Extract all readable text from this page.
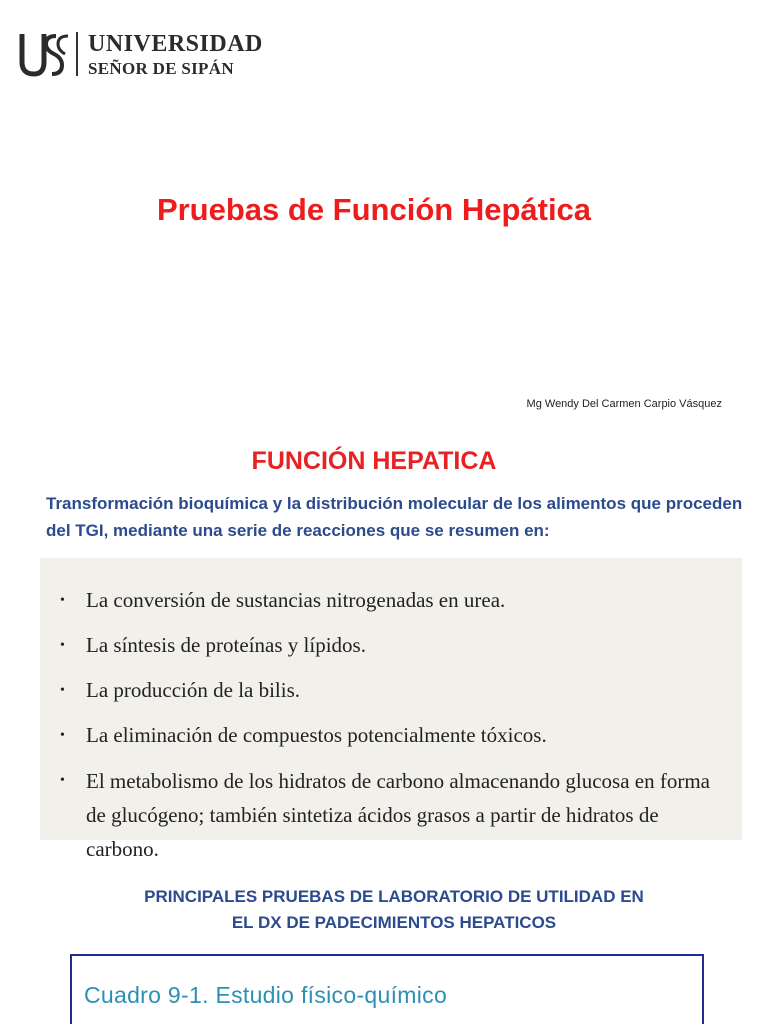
UNIVERSIDAD
SEÑOR DE SIPÁN
Pruebas de Función Hepática
Mg Wendy Del Carmen Carpio Vásquez
FUNCIÓN HEPATICA

Transformación bioquímica y la distribución molecular de los alimentos que proceden del TGI, mediante una serie de reacciones que se resumen en:

• La conversión de sustancias nitrogenadas en urea.
• La síntesis de proteínas y lípidos.
• La producción de la bilis.
• La eliminación de compuestos potencialmente tóxicos.
• El metabolismo de los hidratos de carbono almacenando glucosa en forma de glucógeno; también sintetiza ácidos grasos a partir de hidratos de carbono.
PRINCIPALES PRUEBAS DE LABORATORIO DE UTILIDAD EN
EL DX DE PADECIMIENTOS HEPATICOS
Cuadro 9-1. Estudio físico-químico
